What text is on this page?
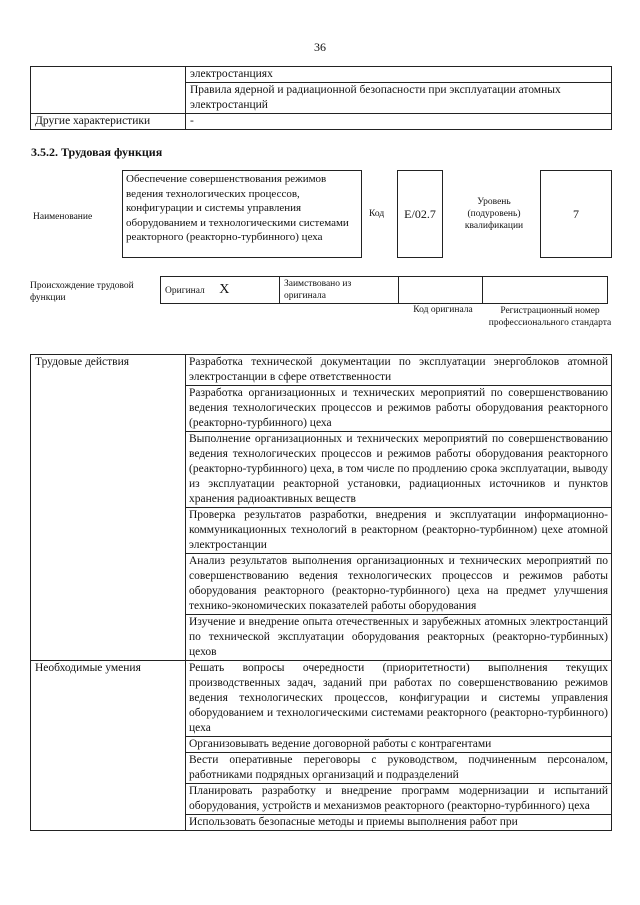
36
	электростанциях
	Правила ядерной и радиационной безопасности при эксплуатации атомных электростанций
Другие характеристики	-
3.5.2. Трудовая функция
Наименование
Обеспечение совершенствования режимов ведения технологических процессов, конфигурации и системы управления оборудованием и технологическими системами реакторного (реакторно-турбинного) цеха
Код	E/02.7
Уровень (подуровень) квалификации
7
Происхождение трудовой функции
Оригинал X	Заимствовано из оригинала		
Код оригинала	Регистрационный номер профессионального стандарта
Трудовые действия	Разработка технической документации по эксплуатации энергоблоков атомной электростанции в сфере ответственности
	Разработка организационных и технических мероприятий по совершенствованию ведения технологических процессов и режимов работы оборудования реакторного (реакторно-турбинного) цеха
	Выполнение организационных и технических мероприятий по совершенствованию ведения технологических процессов и режимов работы оборудования реакторного (реакторно-турбинного) цеха, в том числе по продлению срока эксплуатации, выводу из эксплуатации реакторной установки, радиационных источников и пунктов хранения радиоактивных веществ
	Проверка результатов разработки, внедрения и эксплуатации информационно-коммуникационных технологий в реакторном (реакторно-турбинном) цехе атомной электростанции
	Анализ результатов выполнения организационных и технических мероприятий по совершенствованию ведения технологических процессов и режимов работы оборудования реакторного (реакторно-турбинного) цеха на предмет улучшения технико-экономических показателей работы оборудования
	Изучение и внедрение опыта отечественных и зарубежных атомных электростанций по технической эксплуатации оборудования реакторных (реакторно-турбинных) цехов
Необходимые умения	Решать вопросы очередности (приоритетности) выполнения текущих производственных задач, заданий при работах по совершенствованию режимов ведения технологических процессов, конфигурации и системы управления оборудованием и технологическими системами реакторного (реакторно-турбинного) цеха
	Организовывать ведение договорной работы с контрагентами
	Вести оперативные переговоры с руководством, подчиненным персоналом, работниками подрядных организаций и подразделений
	Планировать разработку и внедрение программ модернизации и испытаний оборудования, устройств и механизмов реакторного (реакторно-турбинного) цеха
	Использовать безопасные методы и приемы выполнения работ при
